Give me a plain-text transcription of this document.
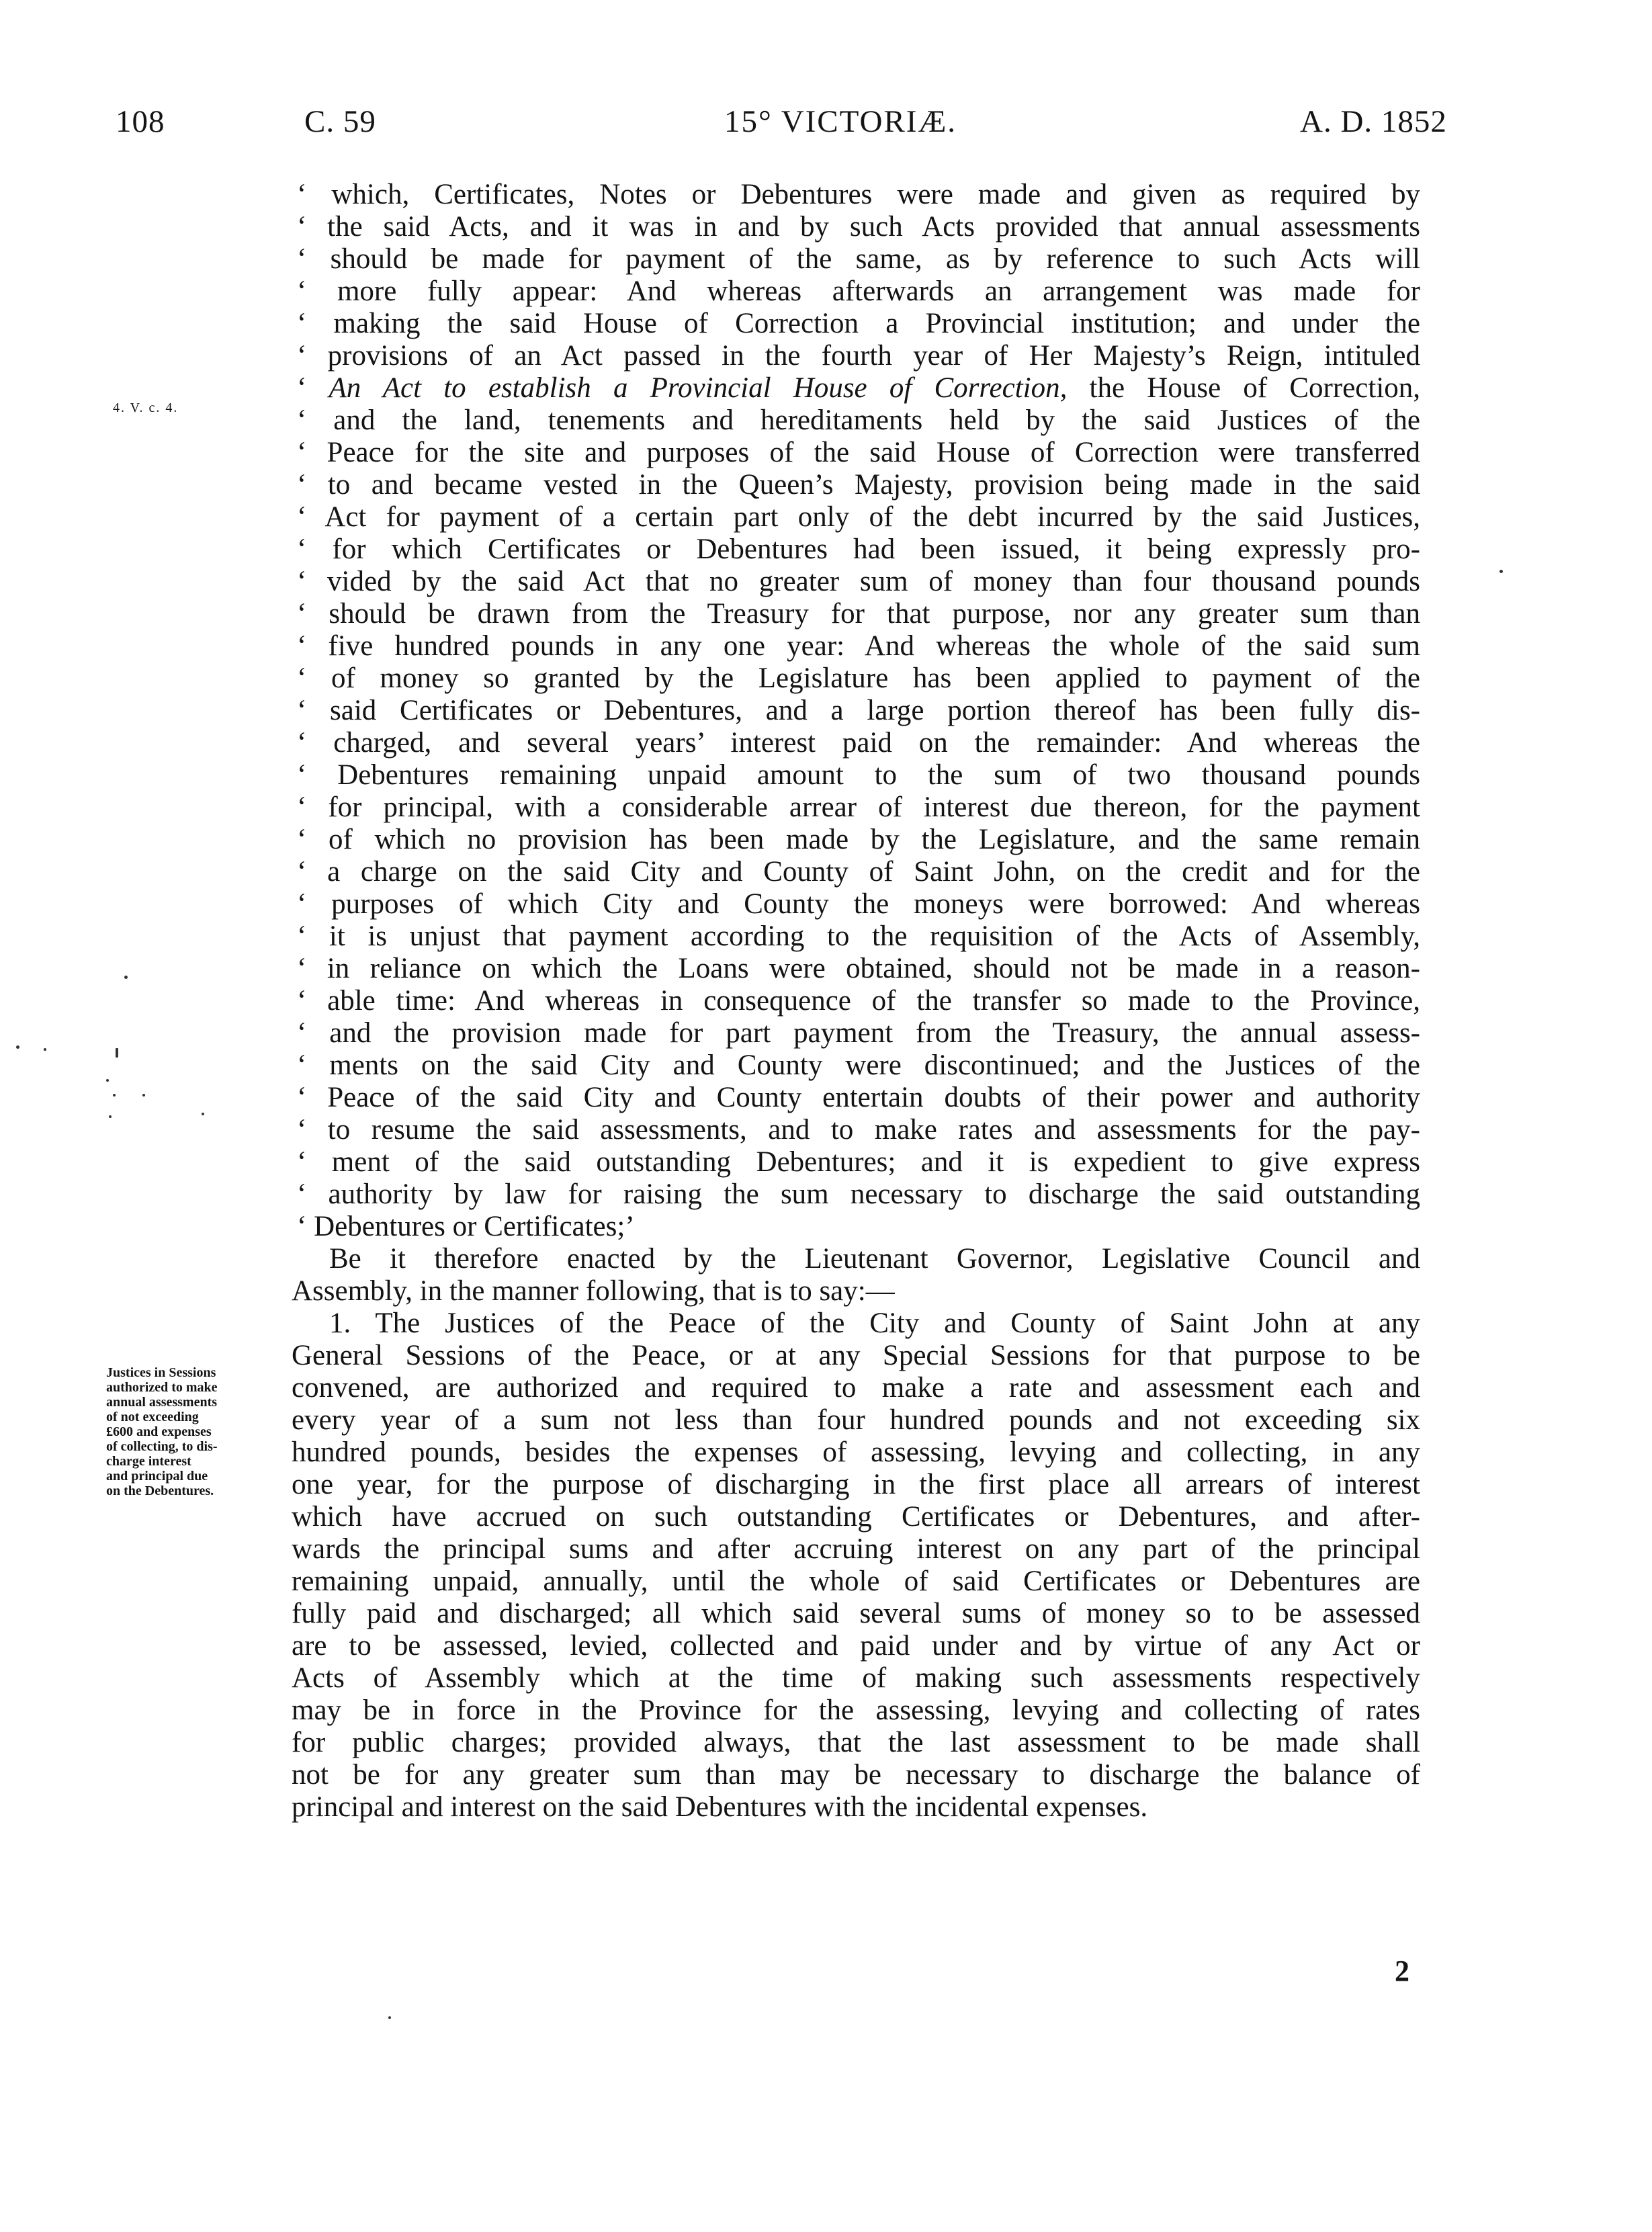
108	C. 59	15° VICTORIÆ.	A. D. 1852
4. V. c. 4.
Justices in Sessions
authorized to make
annual assessments
of not exceeding
£600 and expenses
of collecting, to dis-
charge interest
and principal due
on the Debentures.
‘ which, Certificates, Notes or Debentures were made and given as required by
‘ the said Acts, and it was in and by such Acts provided that annual assessments
‘ should be made for payment of the same, as by reference to such Acts will
‘ more fully appear: And whereas afterwards an arrangement was made for
‘ making the said House of Correction a Provincial institution; and under the
‘ provisions of an Act passed in the fourth year of Her Majesty’s Reign, intituled
‘ An Act to establish a Provincial House of Correction, the House of Correction,
‘ and the land, tenements and hereditaments held by the said Justices of the
‘ Peace for the site and purposes of the said House of Correction were transferred
‘ to and became vested in the Queen’s Majesty, provision being made in the said
‘ Act for payment of a certain part only of the debt incurred by the said Justices,
‘ for which Certificates or Debentures had been issued, it being expressly pro-
‘ vided by the said Act that no greater sum of money than four thousand pounds
‘ should be drawn from the Treasury for that purpose, nor any greater sum than
‘ five hundred pounds in any one year: And whereas the whole of the said sum
‘ of money so granted by the Legislature has been applied to payment of the
‘ said Certificates or Debentures, and a large portion thereof has been fully dis-
‘ charged, and several years’ interest paid on the remainder: And whereas the
‘ Debentures remaining unpaid amount to the sum of two thousand pounds
‘ for principal, with a considerable arrear of interest due thereon, for the payment
‘ of which no provision has been made by the Legislature, and the same remain
‘ a charge on the said City and County of Saint John, on the credit and for the
‘ purposes of which City and County the moneys were borrowed: And whereas
‘ it is unjust that payment according to the requisition of the Acts of Assembly,
‘ in reliance on which the Loans were obtained, should not be made in a reason-
‘ able time: And whereas in consequence of the transfer so made to the Province,
‘ and the provision made for part payment from the Treasury, the annual assess-
‘ ments on the said City and County were discontinued; and the Justices of the
‘ Peace of the said City and County entertain doubts of their power and authority
‘ to resume the said assessments, and to make rates and assessments for the pay-
‘ ment of the said outstanding Debentures; and it is expedient to give express
‘ authority by law for raising the sum necessary to discharge the said outstanding
‘ Debentures or Certificates;’
Be it therefore enacted by the Lieutenant Governor, Legislative Council and
Assembly, in the manner following, that is to say:—
1. The Justices of the Peace of the City and County of Saint John at any
General Sessions of the Peace, or at any Special Sessions for that purpose to be
convened, are authorized and required to make a rate and assessment each and
every year of a sum not less than four hundred pounds and not exceeding six
hundred pounds, besides the expenses of assessing, levying and collecting, in any
one year, for the purpose of discharging in the first place all arrears of interest
which have accrued on such outstanding Certificates or Debentures, and after-
wards the principal sums and after accruing interest on any part of the principal
remaining unpaid, annually, until the whole of said Certificates or Debentures are
fully paid and discharged; all which said several sums of money so to be assessed
are to be assessed, levied, collected and paid under and by virtue of any Act or
Acts of Assembly which at the time of making such assessments respectively
may be in force in the Province for the assessing, levying and collecting of rates
for public charges; provided always, that the last assessment to be made shall
not be for any greater sum than may be necessary to discharge the balance of
principal and interest on the said Debentures with the incidental expenses.
2
